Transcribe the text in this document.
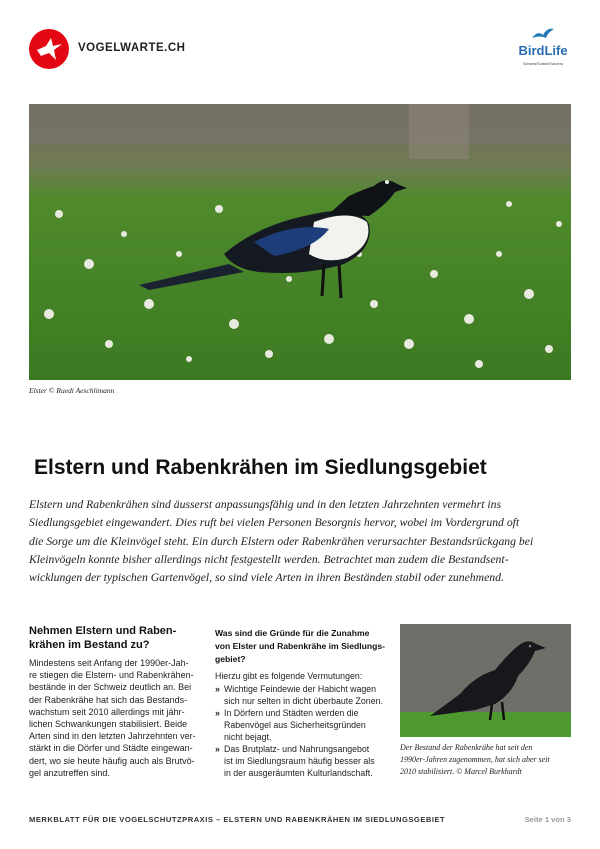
VOGELWARTE.CH	BirdLife
Schweiz/Suisse/Svizzera
Elster © Ruedi Aeschlimann
Elstern und Rabenkrähen im Siedlungsgebiet
Elstern und Rabenkrähen sind äusserst anpassungsfähig und in den letzten Jahrzehnten vermehrt ins
Siedlungsgebiet eingewandert. Dies ruft bei vielen Personen Besorgnis hervor, wobei im Vordergrund oft
die Sorge um die Kleinvögel steht. Ein durch Elstern oder Rabenkrähen verursachter Bestandsrückgang bei
Kleinvögeln konnte bisher allerdings nicht festgestellt werden. Betrachtet man zudem die Bestandsent-
wicklungen der typischen Gartenvögel, so sind viele Arten in ihren Beständen stabil oder zunehmend.
Nehmen Elstern und Raben-
krähen im Bestand zu?
Mindestens seit Anfang der 1990er-Jah-
re stiegen die Elstern- und Rabenkrähen-
bestände in der Schweiz deutlich an. Bei
der Rabenkrähe hat sich das Bestands-
wachstum seit 2010 allerdings mit jähr-
lichen Schwankungen stabilisiert. Beide
Arten sind in den letzten Jahrzehnten ver-
stärkt in die Dörfer und Städte eingewan-
dert, wo sie heute häufig auch als Brutvö-
gel anzutreffen sind.
Was sind die Gründe für die Zunahme
von Elster und Rabenkrähe im Siedlungs-
gebiet?
Hierzu gibt es folgende Vermutungen:
» Wichtige Feindewie der Habicht wagen
sich nur selten in dicht überbaute Zonen.
» In Dörfern und Städten werden die
Rabenvögel aus Sicherheitsgründen
nicht bejagt.
» Das Brutplatz- und Nahrungsangebot
ist im Siedlungsraum häufig besser als
in der ausgeräumten Kulturlandschaft.
Der Bestand der Rabenkrähe hat seit den
1990er-Jahren zugenommen, hat sich aber seit
2010 stabilisiert. © Marcel Burkhardt
MERKBLATT FÜR DIE VOGELSCHUTZPRAXIS – ELSTERN UND RABENKRÄHEN IM SIEDLUNGSGEBIET	Seite 1 von 3
